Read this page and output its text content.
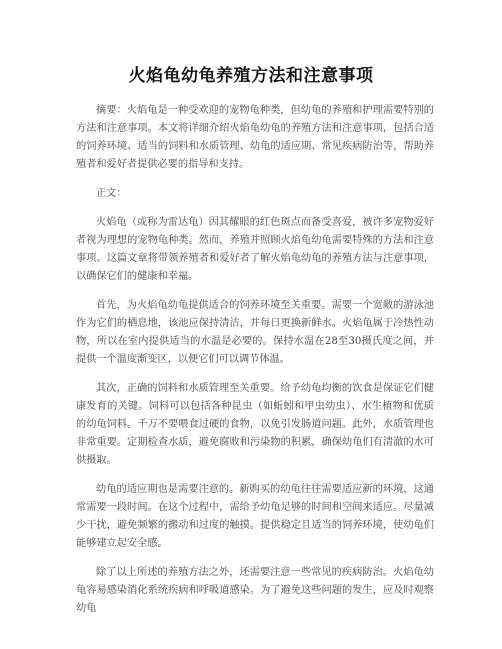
火焰龟幼龟养殖方法和注意事项

摘要：火焰龟是一种受欢迎的宠物龟种类，但幼龟的养殖和护理需要特别的方法和注意事项。本文将详细介绍火焰龟幼龟的养殖方法和注意事项，包括合适的饲养环境、适当的饲料和水质管理、幼龟的适应期、常见疾病防治等，帮助养殖者和爱好者提供必要的指导和支持。

正文：

火焰龟（或称为雷达龟）因其耀眼的红色斑点而备受喜爱，被许多宠物爱好者视为理想的宠物龟种类。然而，养殖并照顾火焰龟幼龟需要特殊的方法和注意事项。这篇文章将带领养殖者和爱好者了解火焰龟幼龟的养殖方法与注意事项，以确保它们的健康和幸福。

首先，为火焰龟幼龟提供适合的饲养环境至关重要。需要一个宽敞的游泳池作为它们的栖息地，该池应保持清洁，并每日更换新鲜水。火焰龟属于冷热性动物，所以在室内提供适当的水温是必要的。保持水温在28至30摄氏度之间，并提供一个温度渐变区，以便它们可以调节体温。

其次，正确的饲料和水质管理至关重要。给予幼龟均衡的饮食是保证它们健康发育的关键。饲料可以包括各种昆虫（如蚯蚓和甲虫幼虫）、水生植物和优质的幼龟饲料。千万不要喂食过硬的食物，以免引发肠道问题。此外，水质管理也非常重要。定期检查水质，避免腐败和污染物的积累，确保幼龟们有清澈的水可供摄取。

幼龟的适应期也是需要注意的。新购买的幼龟往往需要适应新的环境，这通常需要一段时间。在这个过程中，需给予幼龟足够的时间和空间来适应。尽量减少干扰，避免频繁的搬动和过度的触摸。提供稳定且适当的饲养环境，使幼龟们能够建立起安全感。

除了以上所述的养殖方法之外，还需要注意一些常见的疾病防治。火焰龟幼龟容易感染消化系统疾病和呼吸道感染。为了避免这些问题的发生，应及时观察幼龟
